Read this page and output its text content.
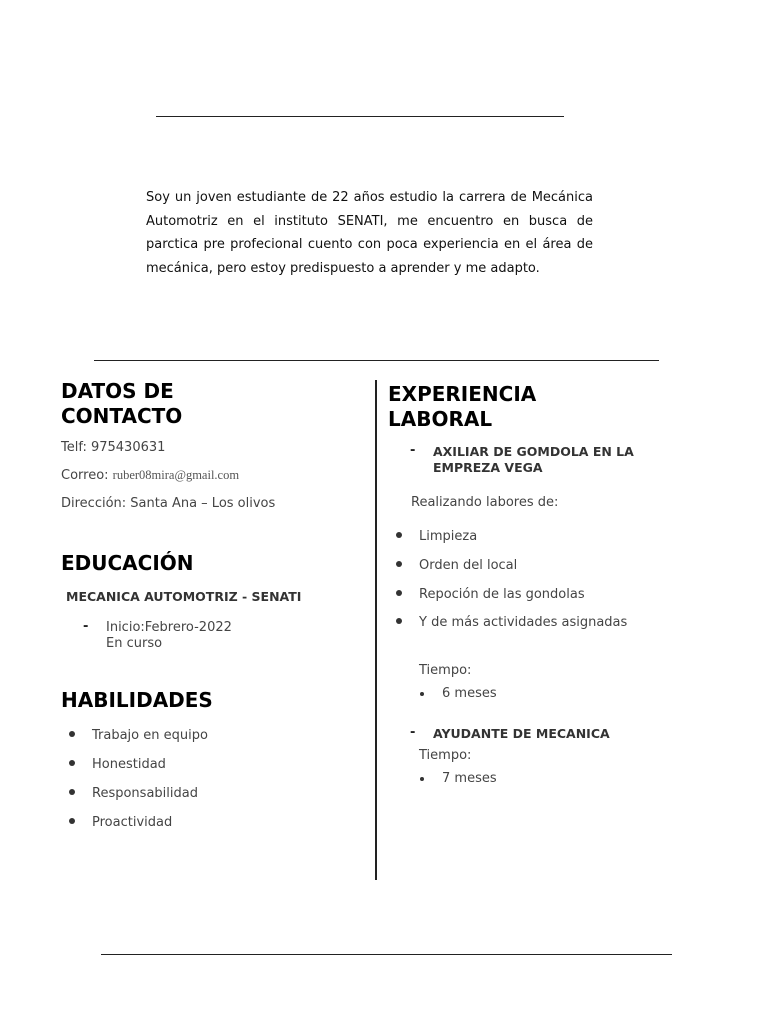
Soy un joven estudiante de 22 años estudio la carrera de Mecánica Automotriz en el instituto SENATI, me encuentro en busca de parctica pre profecional cuento con poca experiencia en el área de mecánica, pero estoy predispuesto a aprender y me adapto.

DATOS DE
CONTACTO
Telf: 975430631
Correo: ruber08mira@gmail.com
Dirección: Santa Ana – Los olivos
EDUCACIÓN
MECANICA AUTOMOTRIZ - SENATI
- Inicio:Febrero-2022
En curso
HABILIDADES
Trabajo en equipo
Honestidad
Responsabilidad
Proactividad
EXPERIENCIA
LABORAL
- AXILIAR DE GOMDOLA EN LA
EMPREZA VEGA
Realizando labores de:
Limpieza
Orden del local
Repoción de las gondolas
Y de más actividades asignadas
Tiempo:
6 meses
- AYUDANTE DE MECANICA
Tiempo:
7 meses
